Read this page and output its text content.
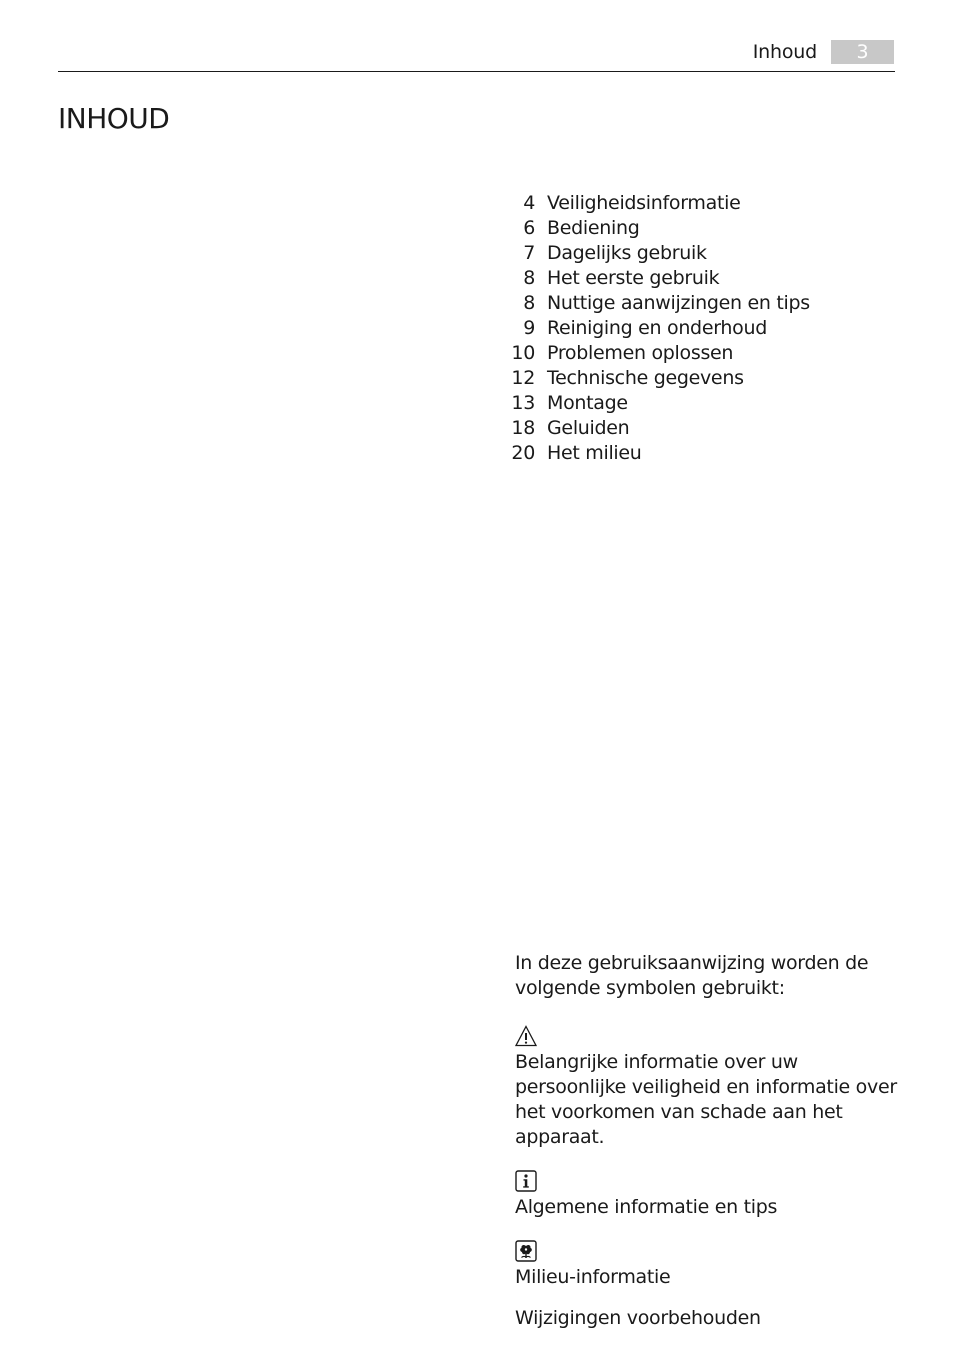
Inhoud	3
INHOUD
4 Veiligheidsinformatie
6 Bediening
7 Dagelijks gebruik
8 Het eerste gebruik
8 Nuttige aanwijzingen en tips
9 Reiniging en onderhoud
10 Problemen oplossen
12 Technische gegevens
13 Montage
18 Geluiden
20 Het milieu

In deze gebruiksaanwijzing worden de volgende symbolen gebruikt:

Belangrijke informatie over uw persoonlijke veiligheid en informatie over het voorkomen van schade aan het apparaat.

Algemene informatie en tips

Milieu-informatie

Wijzigingen voorbehouden
